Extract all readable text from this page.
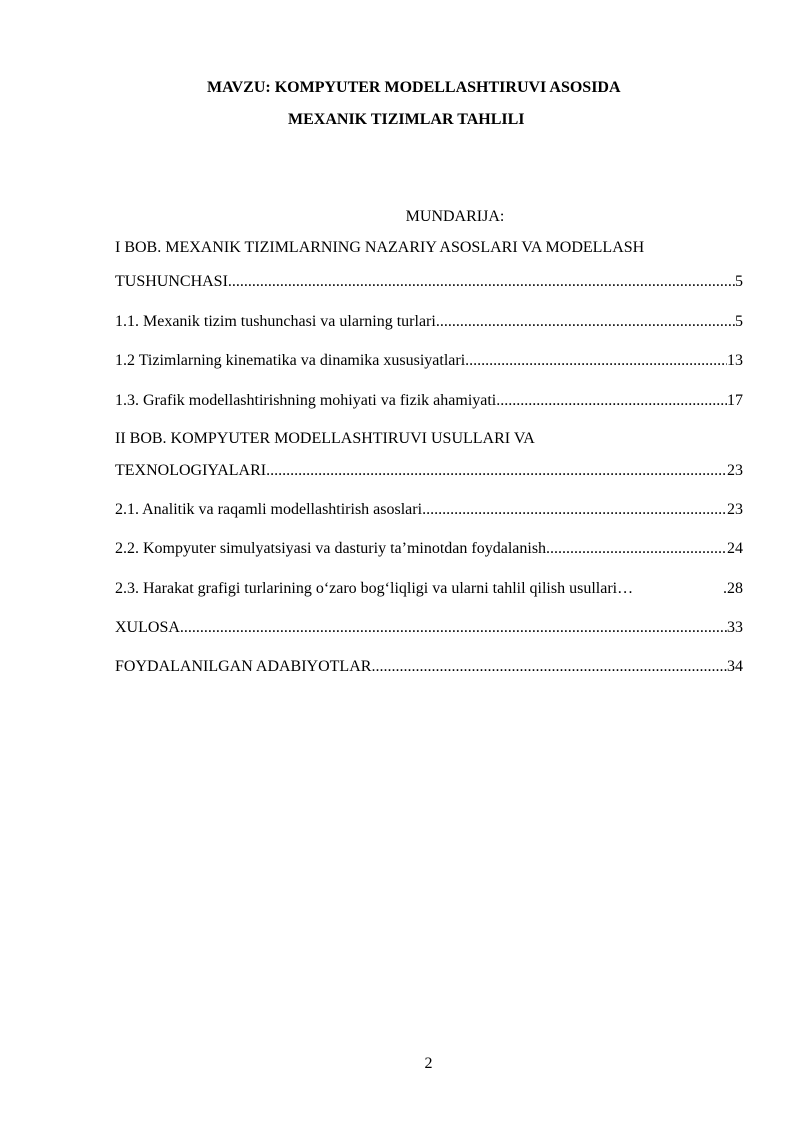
MAVZU: KOMPYUTER MODELLASHTIRUVI ASOSIDA
MEXANIK TIZIMLAR TAHLILI
MUNDARIJA:
I BOB. MEXANIK TIZIMLARNING NAZARIY ASOSLARI VA MODELLASH
TUSHUNCHASI .....	5
1.1. Mexanik tizim tushunchasi va ularning turlari .....	5
1.2 Tizimlarning kinematika va dinamika xususiyatlari .....	13
1.3. Grafik modellashtirishning mohiyati va fizik ahamiyati .....	17
II BOB. KOMPYUTER MODELLASHTIRUVI USULLARI VA
TEXNOLOGIYALARI .....	23
2.1. Analitik va raqamli modellashtirish asoslari .....	23
2.2. Kompyuter simulyatsiyasi va dasturiy ta’minotdan foydalanish .....	24
2.3. Harakat grafigi turlarining o‘zaro bog‘liqligi va ularni tahlil qilish usullari …	.28
XULOSA .....	33
FOYDALANILGAN ADABIYOTLAR .....	34
2
